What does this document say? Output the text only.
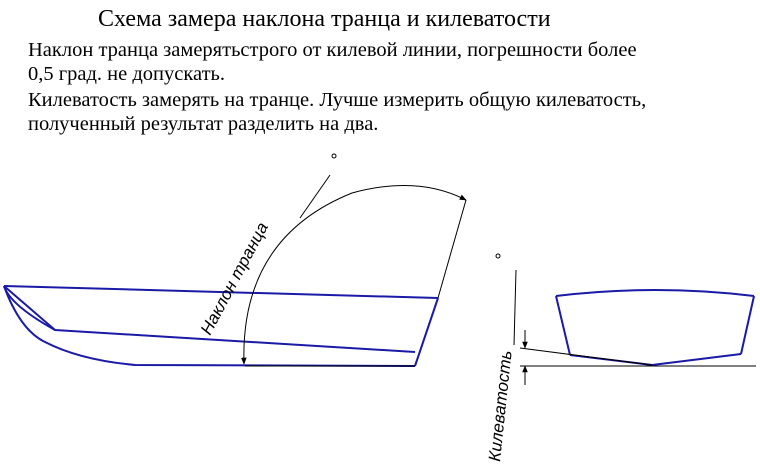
Схема замера наклона транца и килеватости
Наклон транца замерятьстрого от килевой линии, погрешности более
0,5 град. не допускать.
Килеватость замерять на транце. Лучше измерить общую килеватость,
полученный результат разделить на два.
Наклон транца
Килеватость
